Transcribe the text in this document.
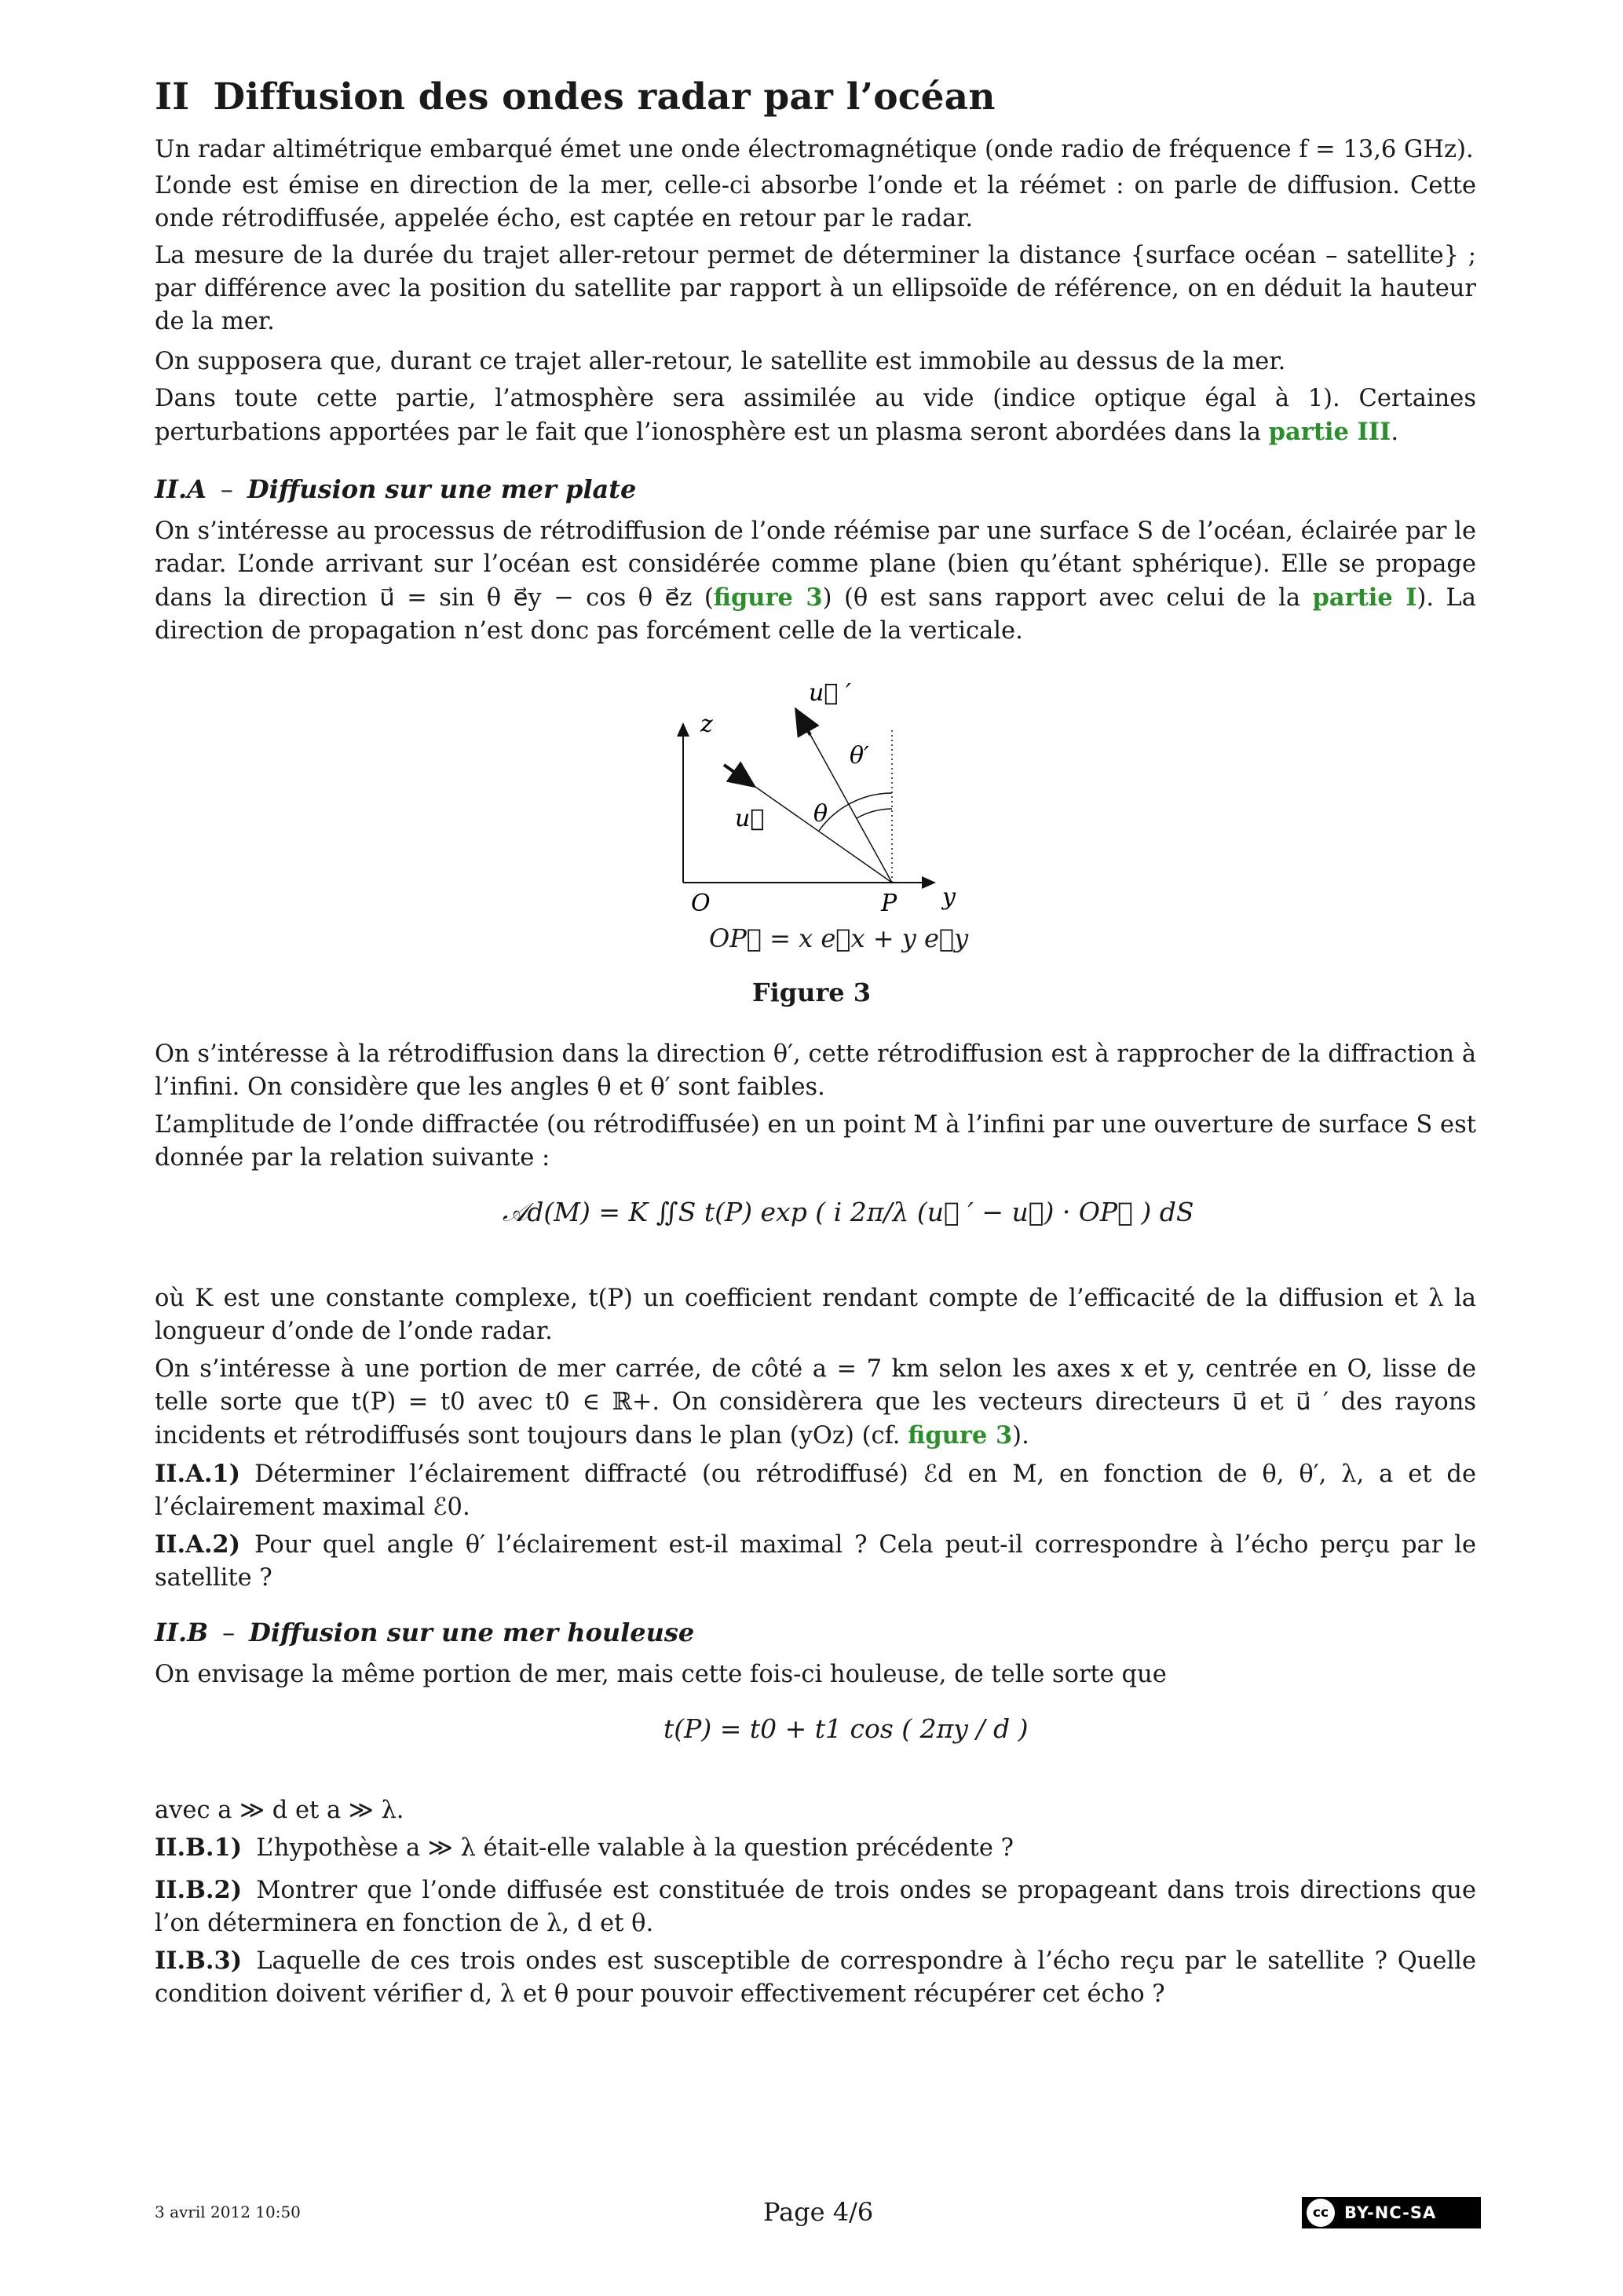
II Diffusion des ondes radar par l’océan

Un radar altimétrique embarqué émet une onde électromagnétique (onde radio de fréquence f = 13,6 GHz).

L’onde est émise en direction de la mer, celle-ci absorbe l’onde et la réémet : on parle de diffusion. Cette onde rétrodiffusée, appelée écho, est captée en retour par le radar.

La mesure de la durée du trajet aller-retour permet de déterminer la distance {surface océan – satellite} ; par différence avec la position du satellite par rapport à un ellipsoïde de référence, on en déduit la hauteur de la mer.

On supposera que, durant ce trajet aller-retour, le satellite est immobile au dessus de la mer.

Dans toute cette partie, l’atmosphère sera assimilée au vide (indice optique égal à 1). Certaines perturbations apportées par le fait que l’ionosphère est un plasma seront abordées dans la partie III.

II.A – Diffusion sur une mer plate

On s’intéresse au processus de rétrodiffusion de l’onde réémise par une surface S de l’océan, éclairée par le radar. L’onde arrivant sur l’océan est considérée comme plane (bien qu’étant sphérique). Elle se propage dans la direction u⃗ = sin θ e⃗y − cos θ e⃗z (figure 3) (θ est sans rapport avec celui de la partie I). La direction de propagation n’est donc pas forcément celle de la verticale.

z
y
O	P
u⃗
u⃗ ′
θ
θ′
OP⃗ = x e⃗x + y e⃗y
Figure 3

On s’intéresse à la rétrodiffusion dans la direction θ′, cette rétrodiffusion est à rapprocher de la diffraction à l’infini. On considère que les angles θ et θ′ sont faibles.

L’amplitude de l’onde diffractée (ou rétrodiffusée) en un point M à l’infini par une ouverture de surface S est donnée par la relation suivante :

𝒜d(M) = K ∬S t(P) exp ( i 2π/λ (u⃗ ′ − u⃗) · OP⃗ ) dS

où K est une constante complexe, t(P) un coefficient rendant compte de l’efficacité de la diffusion et λ la longueur d’onde de l’onde radar.

On s’intéresse à une portion de mer carrée, de côté a = 7 km selon les axes x et y, centrée en O, lisse de telle sorte que t(P) = t0 avec t0 ∈ ℝ+. On considèrera que les vecteurs directeurs u⃗ et u⃗ ′ des rayons incidents et rétrodiffusés sont toujours dans le plan (yOz) (cf. figure 3).

II.A.1) Déterminer l’éclairement diffracté (ou rétrodiffusé) ℰd en M, en fonction de θ, θ′, λ, a et de l’éclairement maximal ℰ0.

II.A.2) Pour quel angle θ′ l’éclairement est-il maximal ? Cela peut-il correspondre à l’écho perçu par le satellite ?

II.B – Diffusion sur une mer houleuse

On envisage la même portion de mer, mais cette fois-ci houleuse, de telle sorte que

t(P) = t0 + t1 cos ( 2πy / d )

avec a ≫ d et a ≫ λ.

II.B.1) L’hypothèse a ≫ λ était-elle valable à la question précédente ?

II.B.2) Montrer que l’onde diffusée est constituée de trois ondes se propageant dans trois directions que l’on déterminera en fonction de λ, d et θ.

II.B.3) Laquelle de ces trois ondes est susceptible de correspondre à l’écho reçu par le satellite ? Quelle condition doivent vérifier d, λ et θ pour pouvoir effectivement récupérer cet écho ?

3 avril 2012 10:50	Page 4/6	cc BY-NC-SA
